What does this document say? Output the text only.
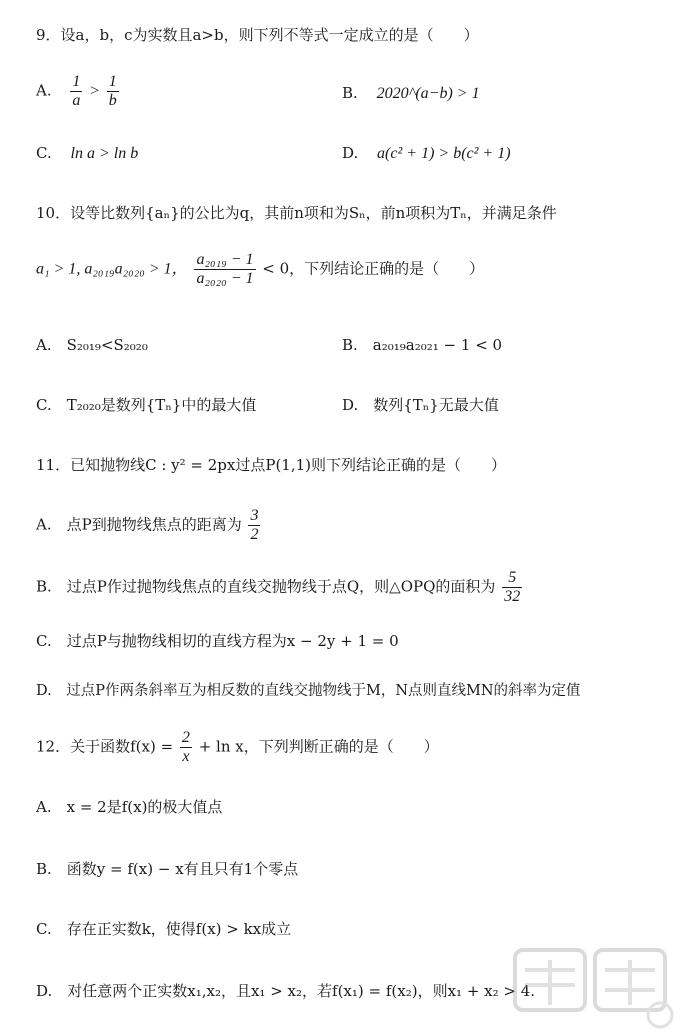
9．设a，b，c为实数且a>b，则下列不等式一定成立的是（　　）
A. $\frac{1}{a} > \frac{1}{b}$	B. 2020^(a−b) > 1
C. ln a > ln b	D. a(c² + 1) > b(c² + 1)
10．设等比数列{aₙ}的公比为q，其前n项和为Sₙ，前n项积为Tₙ，并满足条件
a₁ > 1, a₂₀₁₉a₂₀₂₀ > 1， $\frac{\text{a₂₀₁₉ − 1}}{\text{a₂₀₂₀ − 1}} < 0$，下列结论正确的是（　　）
A.　S₂₀₁₉<S₂₀₂₀	B.　a₂₀₁₉a₂₀₂₁ − 1 < 0
C.　T₂₀₂₀是数列{Tₙ}中的最大值	D.　数列{Tₙ}无最大值
11．已知抛物线C : y² = 2px过点P(1,1)则下列结论正确的是（　　）
A.　点P到抛物线焦点的距离为 $\frac{3}{2}$
B.　过点P作过抛物线焦点的直线交抛物线于点Q，则△OPQ的面积为 $\frac{5}{32}$
C.　过点P与抛物线相切的直线方程为x − 2y + 1 = 0
D.　过点P作两条斜率互为相反数的直线交抛物线于M，N点则直线MN的斜率为定值
12．关于函数$f(x) = \frac{2}{x} + \ln x$，下列判断正确的是（　　）
A.　x = 2是f(x)的极大值点
B.　函数y = f(x) − x有且只有1个零点
C.　存在正实数k，使得f(x) > kx成立
D.　对任意两个正实数x₁,x₂，且x₁ > x₂，若f(x₁) = f(x₂)，则x₁ + x₂ > 4.
